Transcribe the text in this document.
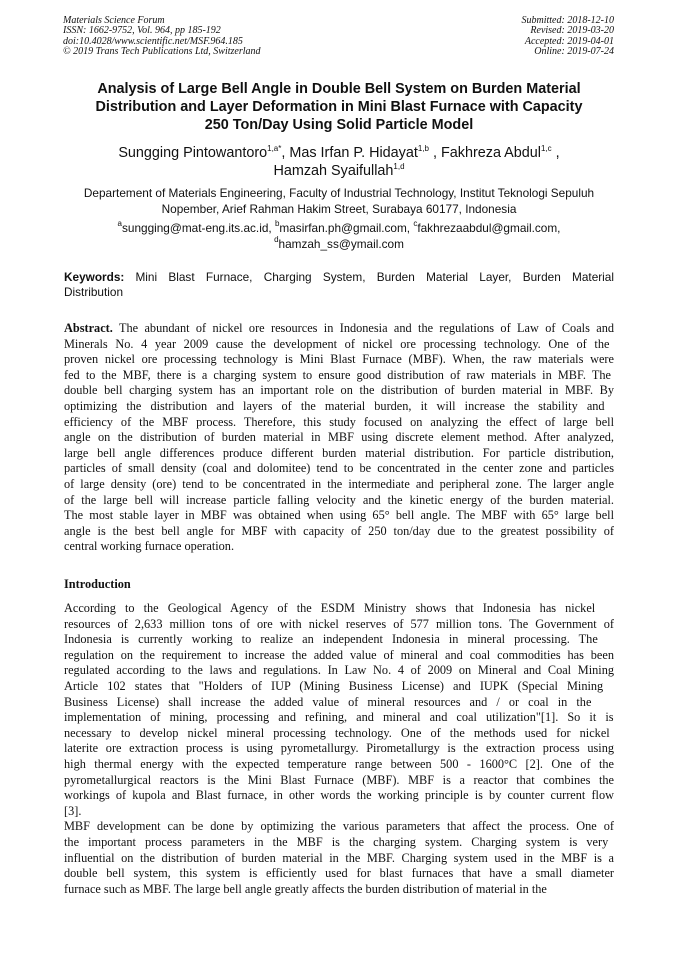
Materials Science Forum
ISSN: 1662-9752, Vol. 964, pp 185-192
doi:10.4028/www.scientific.net/MSF.964.185
© 2019 Trans Tech Publications Ltd, Switzerland
Submitted: 2018-12-10
Revised: 2019-03-20
Accepted: 2019-04-01
Online: 2019-07-24
Analysis of Large Bell Angle in Double Bell System on Burden Material
Distribution and Layer Deformation in Mini Blast Furnace with Capacity
250 Ton/Day Using Solid Particle Model
Sungging Pintowantoro$^{1,a*}$, Mas Irfan P. Hidayat$^{1,b}$ , Fakhreza Abdul$^{1,c}$ ,
Hamzah Syaifullah$^{1,d}$
Departement of Materials Engineering, Faculty of Industrial Technology, Institut Teknologi Sepuluh
Nopember, Arief Rahman Hakim Street, Surabaya 60177, Indonesia
$^a$sungging@mat-eng.its.ac.id, $^b$masirfan.ph@gmail.com, $^c$fakhrezaabdul@gmail.com,
$^d$hamzah_ss@ymail.com
Keywords: Mini Blast Furnace, Charging System, Burden Material Layer, Burden Material
Distribution
Abstract. The abundant of nickel ore resources in Indonesia and the regulations of Law of Coals and
Minerals No. 4 year 2009 cause the development of nickel ore processing technology. One of the
proven nickel ore processing technology is Mini Blast Furnace (MBF). When, the raw materials were
fed to the MBF, there is a charging system to ensure good distribution of raw materials in MBF. The
double bell charging system has an important role on the distribution of burden material in MBF. By
optimizing the distribution and layers of the material burden, it will increase the stability and
efficiency of the MBF process. Therefore, this study focused on analyzing the effect of large bell
angle on the distribution of burden material in MBF using discrete element method. After analyzed,
large bell angle differences produce different burden material distribution. For particle distribution,
particles of small density (coal and dolomitee) tend to be concentrated in the center zone and particles
of large density (ore) tend to be concentrated in the intermediate and peripheral zone. The larger angle
of the large bell will increase particle falling velocity and the kinetic energy of the burden material.
The most stable layer in MBF was obtained when using 65° bell angle. The MBF with 65° large bell
angle is the best bell angle for MBF with capacity of 250 ton/day due to the greatest possibility of
central working furnace operation.
Introduction
According to the Geological Agency of the ESDM Ministry shows that Indonesia has nickel
resources of 2,633 million tons of ore with nickel reserves of 577 million tons. The Government of
Indonesia is currently working to realize an independent Indonesia in mineral processing. The
regulation on the requirement to increase the added value of mineral and coal commodities has been
regulated according to the laws and regulations. In Law No. 4 of 2009 on Mineral and Coal Mining
Article 102 states that "Holders of IUP (Mining Business License) and IUPK (Special Mining
Business License) shall increase the added value of mineral resources and / or coal in the
implementation of mining, processing and refining, and mineral and coal utilization"[1]. So it is
necessary to develop nickel mineral processing technology. One of the methods used for nickel
laterite ore extraction process is using pyrometallurgy. Pirometallurgy is the extraction process using
high thermal energy with the expected temperature range between 500 - 1600°C [2]. One of the
pyrometallurgical reactors is the Mini Blast Furnace (MBF). MBF is a reactor that combines the
workings of kupola and Blast furnace, in other words the working principle is by counter current flow
[3].
MBF development can be done by optimizing the various parameters that affect the process. One of
the important process parameters in the MBF is the charging system. Charging system is very
influential on the distribution of burden material in the MBF. Charging system used in the MBF is a
double bell system, this system is efficiently used for blast furnaces that have a small diameter
furnace such as MBF. The large bell angle greatly affects the burden distribution of material in the
